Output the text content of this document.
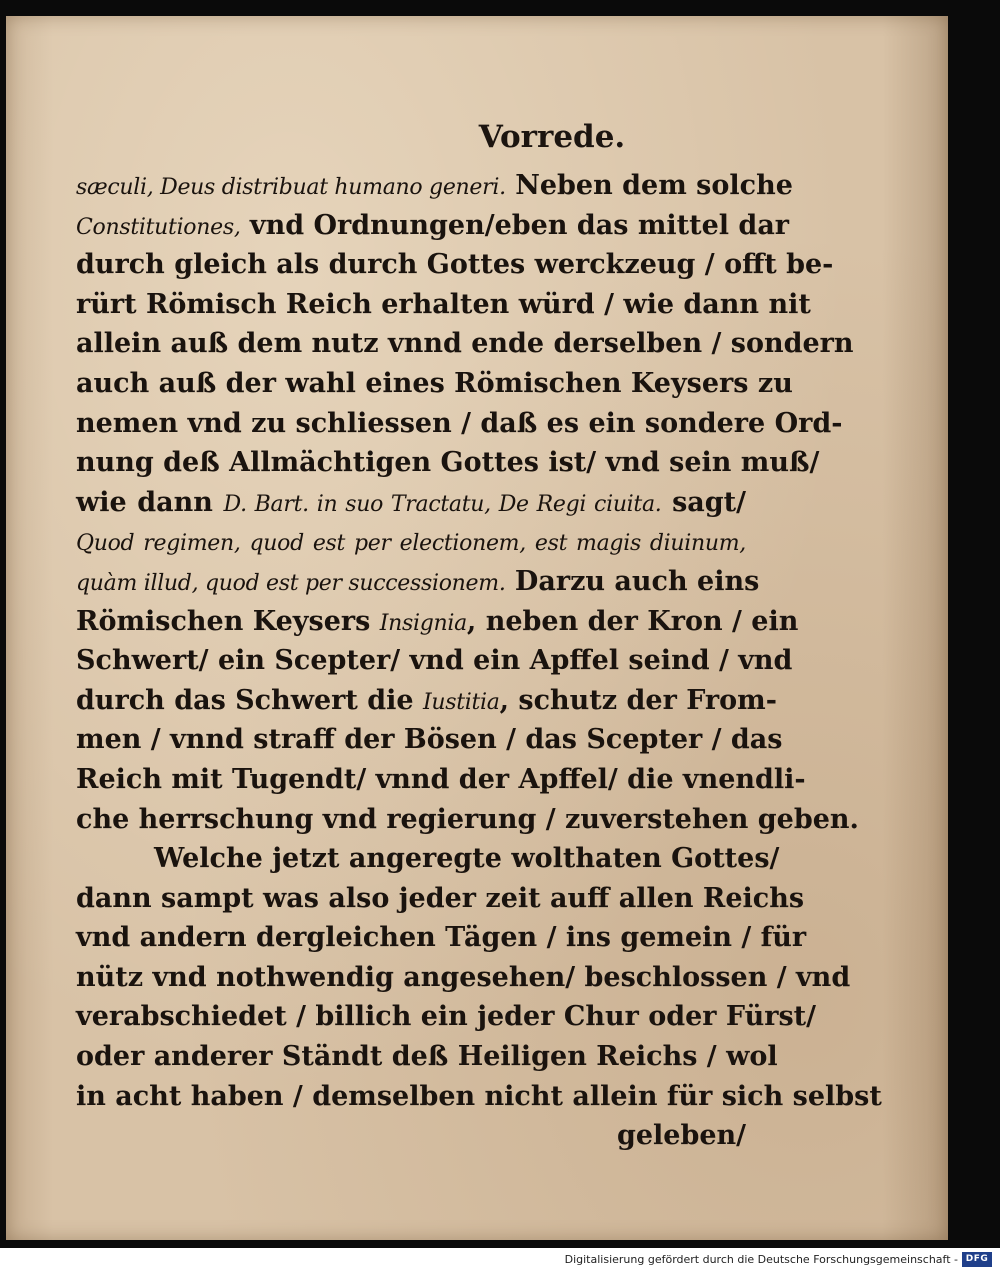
Vorrede.
sæculi, Deus distribuat humano generi. Neben dem solche
Constitutiones, vnd Ordnungen/eben das mittel dar
durch gleich als durch Gottes werckzeug / offt be-
rürt Römisch Reich erhalten würd / wie dann nit
allein auß dem nutz vnnd ende derselben / sondern
auch auß der wahl eines Römischen Keysers zu
nemen vnd zu schliessen / daß es ein sondere Ord-
nung deß Allmächtigen Gottes ist/ vnd sein muß/
wie dann D. Bart. in suo Tractatu, De Regi ciuita. sagt/
Quod regimen, quod est per electionem, est magis diuinum,
quàm illud, quod est per successionem. Darzu auch eins
Römischen Keysers Insignia, neben der Kron / ein
Schwert/ ein Scepter/ vnd ein Apffel seind / vnd
durch das Schwert die Iustitia, schutz der From-
men / vnnd straff der Bösen / das Scepter / das
Reich mit Tugendt/ vnnd der Apffel/ die vnendli-
che herrschung vnd regierung / zuverstehen geben.
Welche jetzt angeregte wolthaten Gottes/
dann sampt was also jeder zeit auff allen Reichs
vnd andern dergleichen Tägen / ins gemein / für
nütz vnd nothwendig angesehen/ beschlossen / vnd
verabschiedet / billich ein jeder Chur oder Fürst/
oder anderer Ständt deß Heiligen Reichs / wol
in acht haben / demselben nicht allein für sich selbst
geleben/
Digitalisierung gefördert durch die Deutsche Forschungsgemeinschaft - DFG
